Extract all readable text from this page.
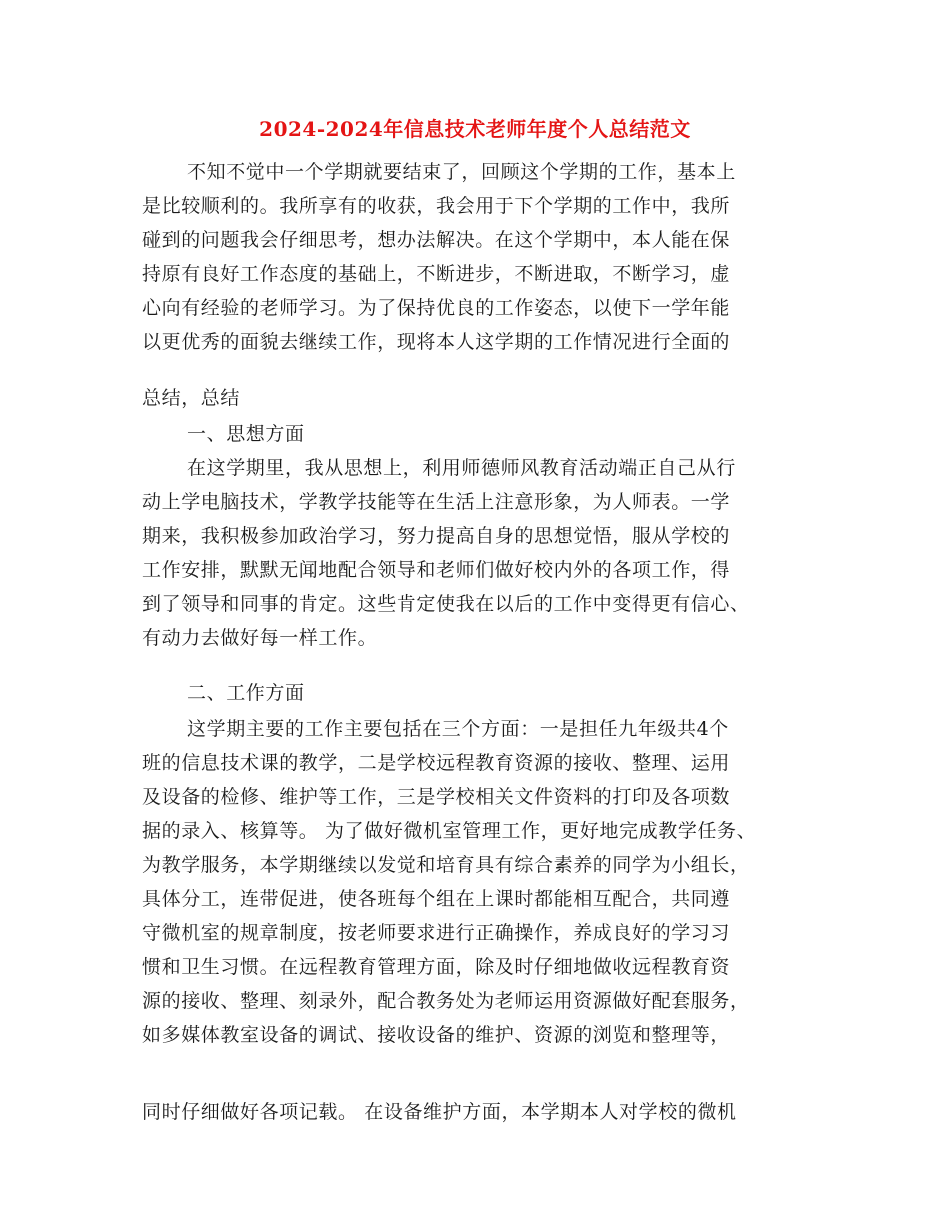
2024-2024年信息技术老师年度个人总结范文
不知不觉中一个学期就要结束了，回顾这个学期的工作，基本上
是比较顺利的。我所享有的收获，我会用于下个学期的工作中，我所
碰到的问题我会仔细思考，想办法解决。在这个学期中，本人能在保
持原有良好工作态度的基础上，不断进步，不断进取，不断学习，虚
心向有经验的老师学习。为了保持优良的工作姿态，以使下一学年能
以更优秀的面貌去继续工作，现将本人这学期的工作情况进行全面的
总结，总结
一、思想方面
在这学期里，我从思想上，利用师德师风教育活动端正自己从行
动上学电脑技术，学教学技能等在生活上注意形象，为人师表。一学
期来，我积极参加政治学习，努力提高自身的思想觉悟，服从学校的
工作安排，默默无闻地配合领导和老师们做好校内外的各项工作，得
到了领导和同事的肯定。这些肯定使我在以后的工作中变得更有信心、
有动力去做好每一样工作。
二、工作方面
这学期主要的工作主要包括在三个方面：一是担任九年级共4个
班的信息技术课的教学，二是学校远程教育资源的接收、整理、运用
及设备的检修、维护等工作，三是学校相关文件资料的打印及各项数
据的录入、核算等。 为了做好微机室管理工作，更好地完成教学任务、
为教学服务，本学期继续以发觉和培育具有综合素养的同学为小组长，
具体分工，连带促进，使各班每个组在上课时都能相互配合，共同遵
守微机室的规章制度，按老师要求进行正确操作，养成良好的学习习
惯和卫生习惯。在远程教育管理方面，除及时仔细地做收远程教育资
源的接收、整理、刻录外，配合教务处为老师运用资源做好配套服务，
如多媒体教室设备的调试、接收设备的维护、资源的浏览和整理等，
同时仔细做好各项记载。 在设备维护方面，本学期本人对学校的微机
